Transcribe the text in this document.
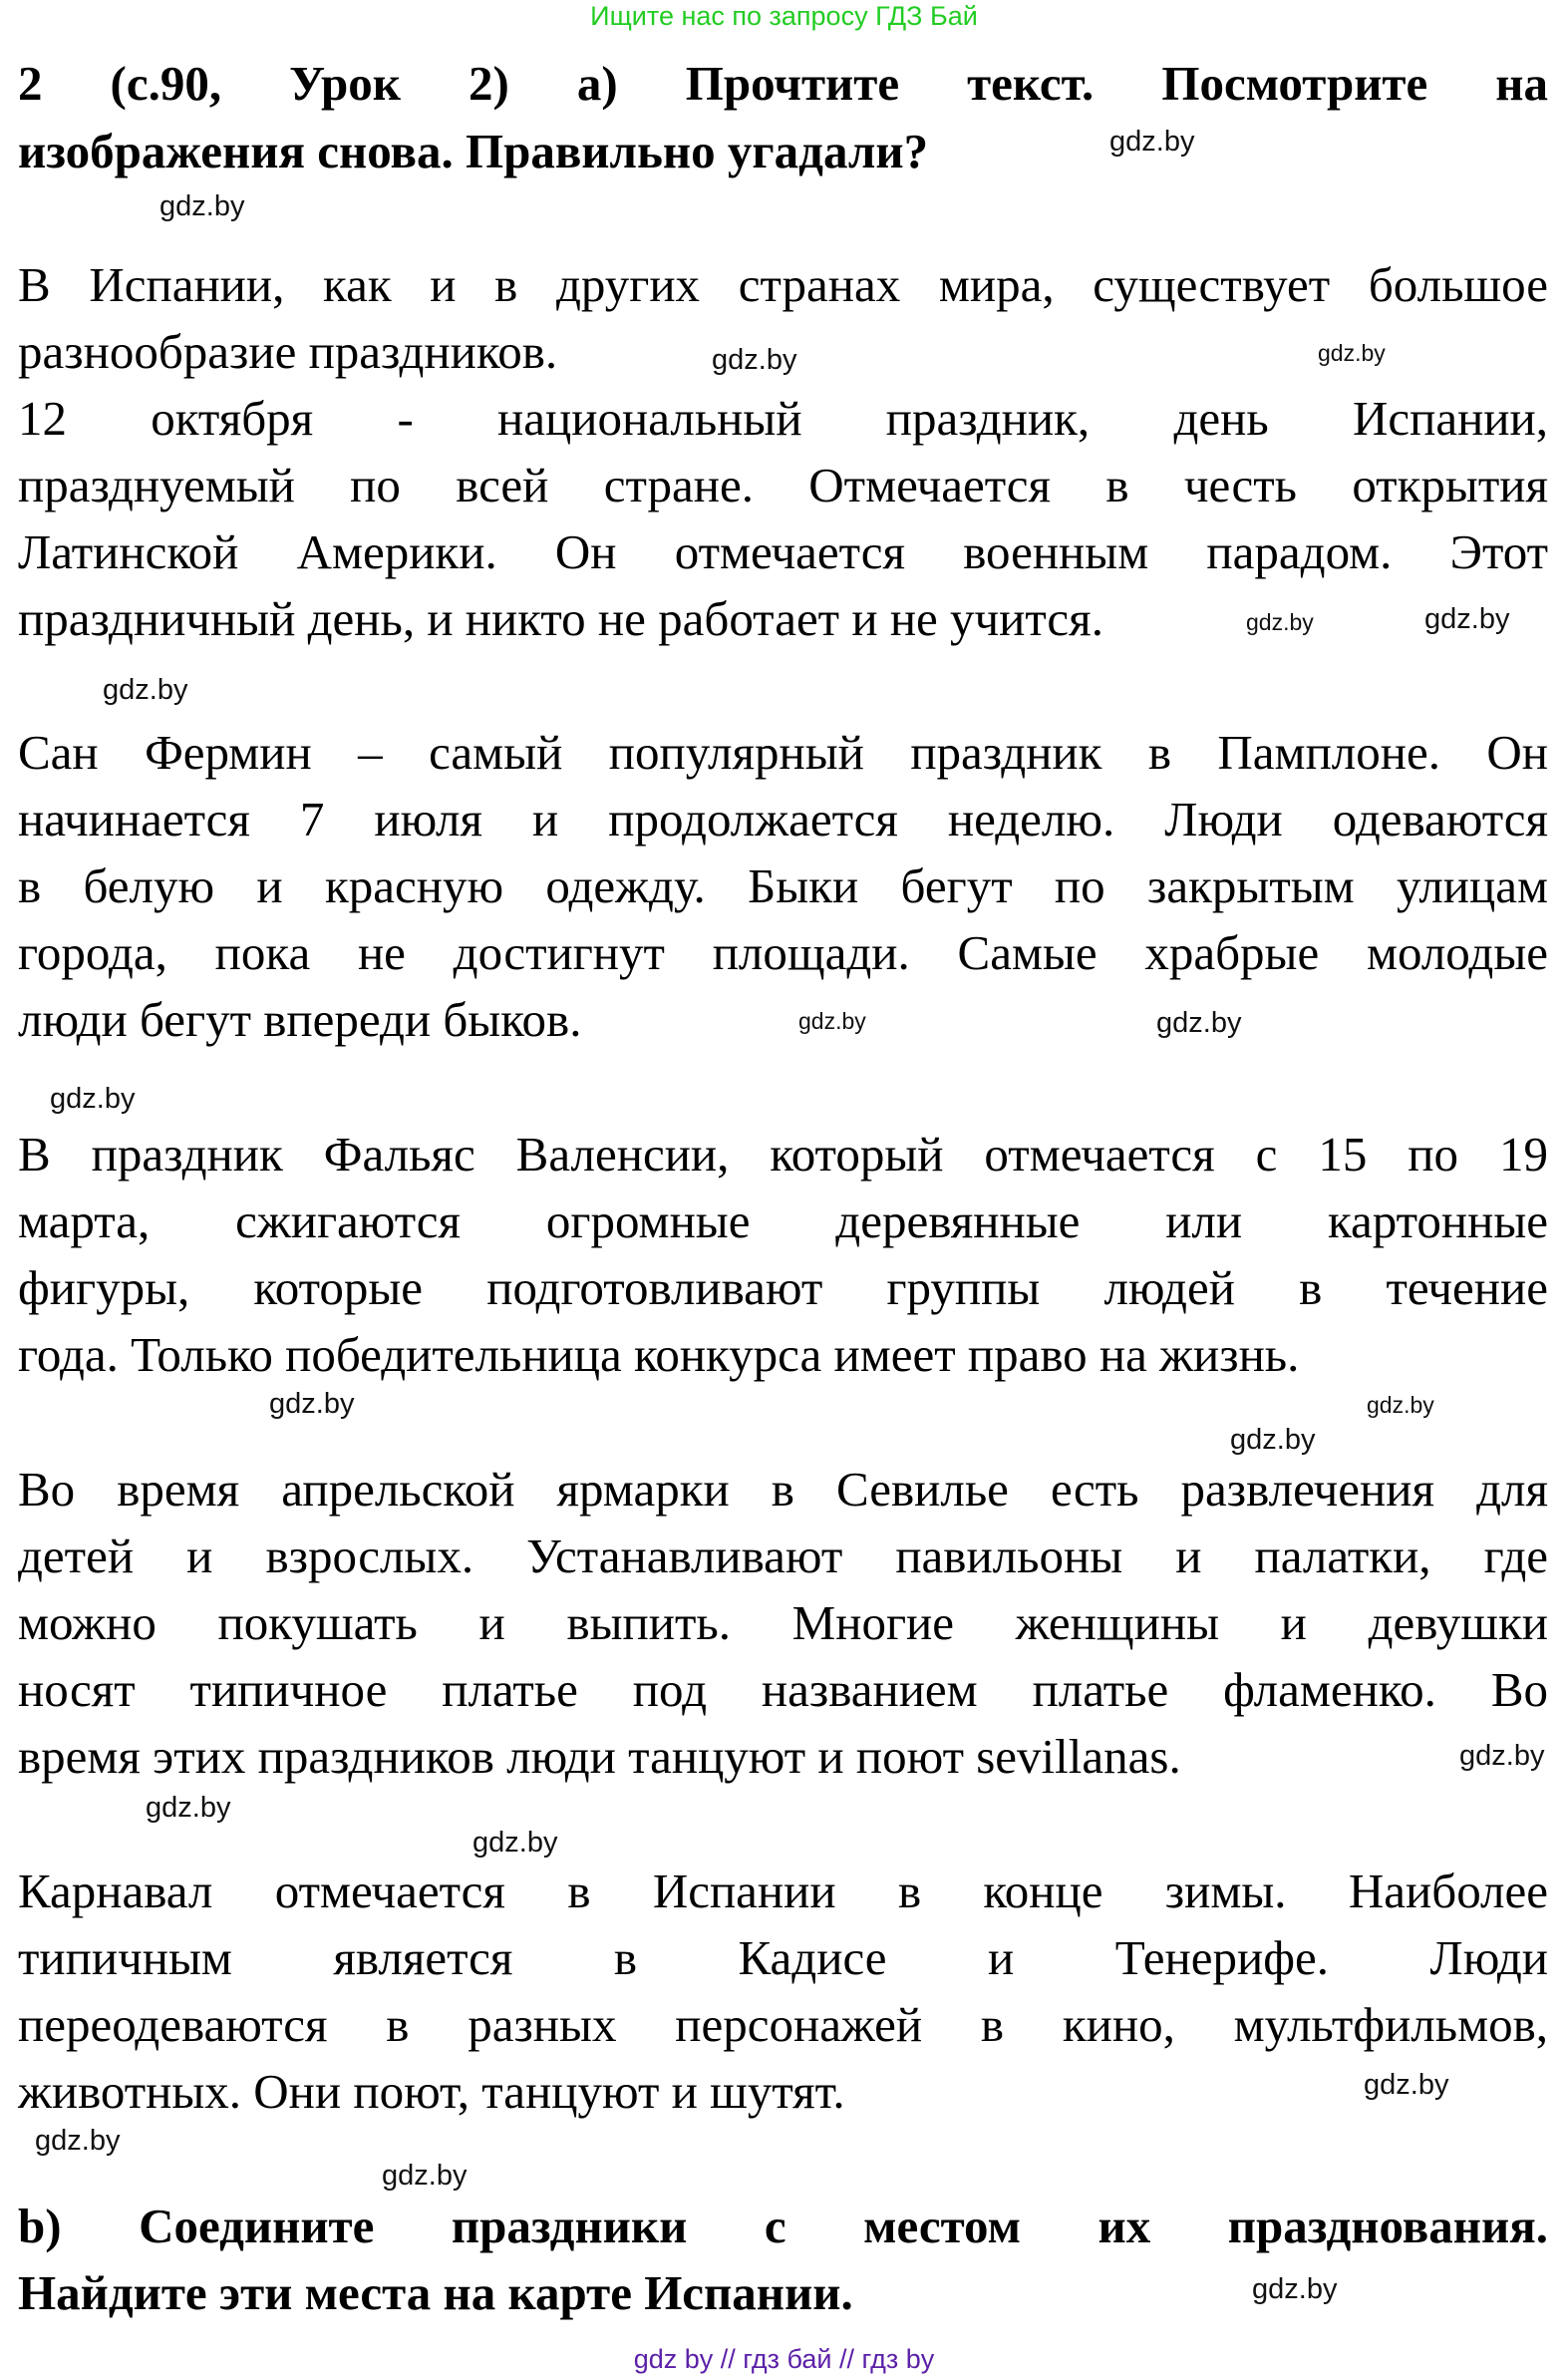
Ищите нас по запросу ГДЗ Бай
2 (с.90, Урок 2) а) Прочтите текст. Посмотрите на
изображения снова. Правильно угадали?
В Испании, как и в других странах мира, существует большое
разнообразие праздников.
12 октября - национальный праздник, день Испании,
празднуемый по всей стране. Отмечается в честь открытия
Латинской Америки. Он отмечается военным парадом. Этот
праздничный день, и никто не работает и не учится.
Сан Фермин – самый популярный праздник в Памплоне. Он
начинается 7 июля и продолжается неделю. Люди одеваются
в белую и красную одежду. Быки бегут по закрытым улицам
города, пока не достигнут площади. Самые храбрые молодые
люди бегут впереди быков.
В праздник Фальяс Валенсии, который отмечается с 15 по 19
марта, сжигаются огромные деревянные или картонные
фигуры, которые подготовливают группы людей в течение
года. Только победительница конкурса имеет право на жизнь.
Во время апрельской ярмарки в Севилье есть развлечения для
детей и взрослых. Устанавливают павильоны и палатки, где
можно покушать и выпить. Многие женщины и девушки
носят типичное платье под названием платье фламенко. Во
время этих праздников люди танцуют и поют sevillanas.
Карнавал отмечается в Испании в конце зимы. Наиболее
типичным является в Кадисе и Тенерифе. Люди
переодеваются в разных персонажей в кино, мультфильмов,
животных. Они поют, танцуют и шутят.
b) Соедините праздники с местом их празднования.
Найдите эти места на карте Испании.
gdz.by
gdz.by
gdz.by
gdz.by
gdz.by	gdz.by
gdz.by
gdz.by	gdz.by
gdz.by
gdz.by
gdz.by
gdz.by
gdz.by
gdz.by
gdz.by
gdz.by
gdz.by
gdz.by
gdz.by
gdz by // гдз бай // гдз by
